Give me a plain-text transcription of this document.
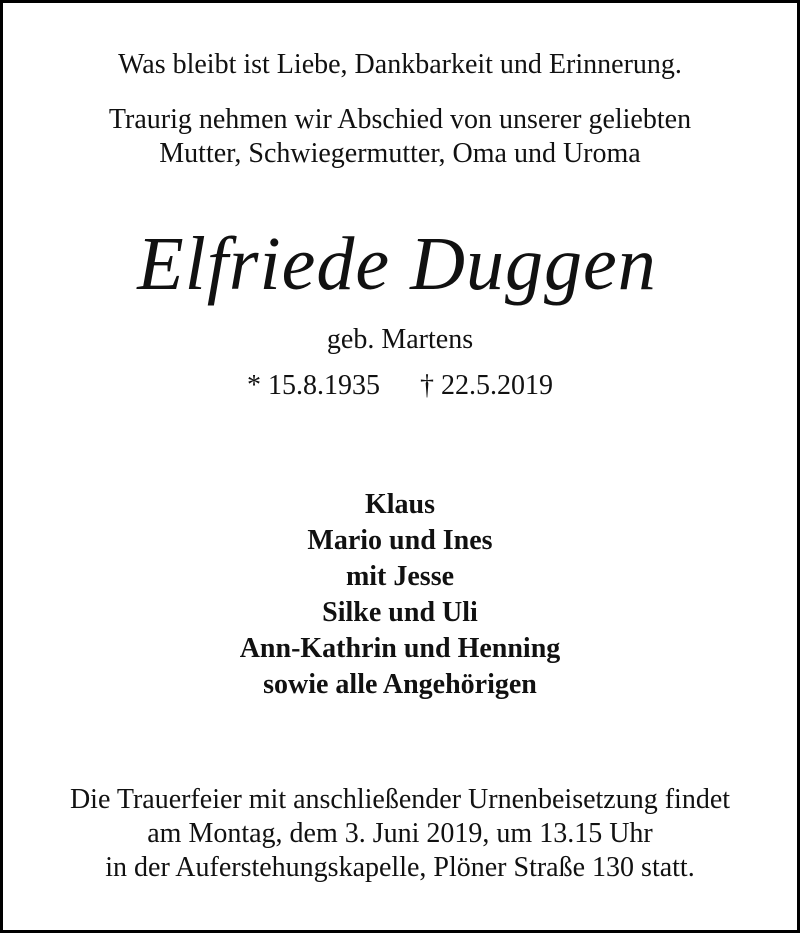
Was bleibt ist Liebe, Dankbarkeit und Erinnerung.
Traurig nehmen wir Abschied von unserer geliebten
Mutter, Schwiegermutter, Oma und Uroma
Elfriede Duggen
geb. Martens
* 15.8.1935 † 22.5.2019
Klaus
Mario und Ines
mit Jesse
Silke und Uli
Ann-Kathrin und Henning
sowie alle Angehörigen
Die Trauerfeier mit anschließender Urnenbeisetzung findet
am Montag, dem 3. Juni 2019, um 13.15 Uhr
in der Auferstehungskapelle, Plöner Straße 130 statt.
